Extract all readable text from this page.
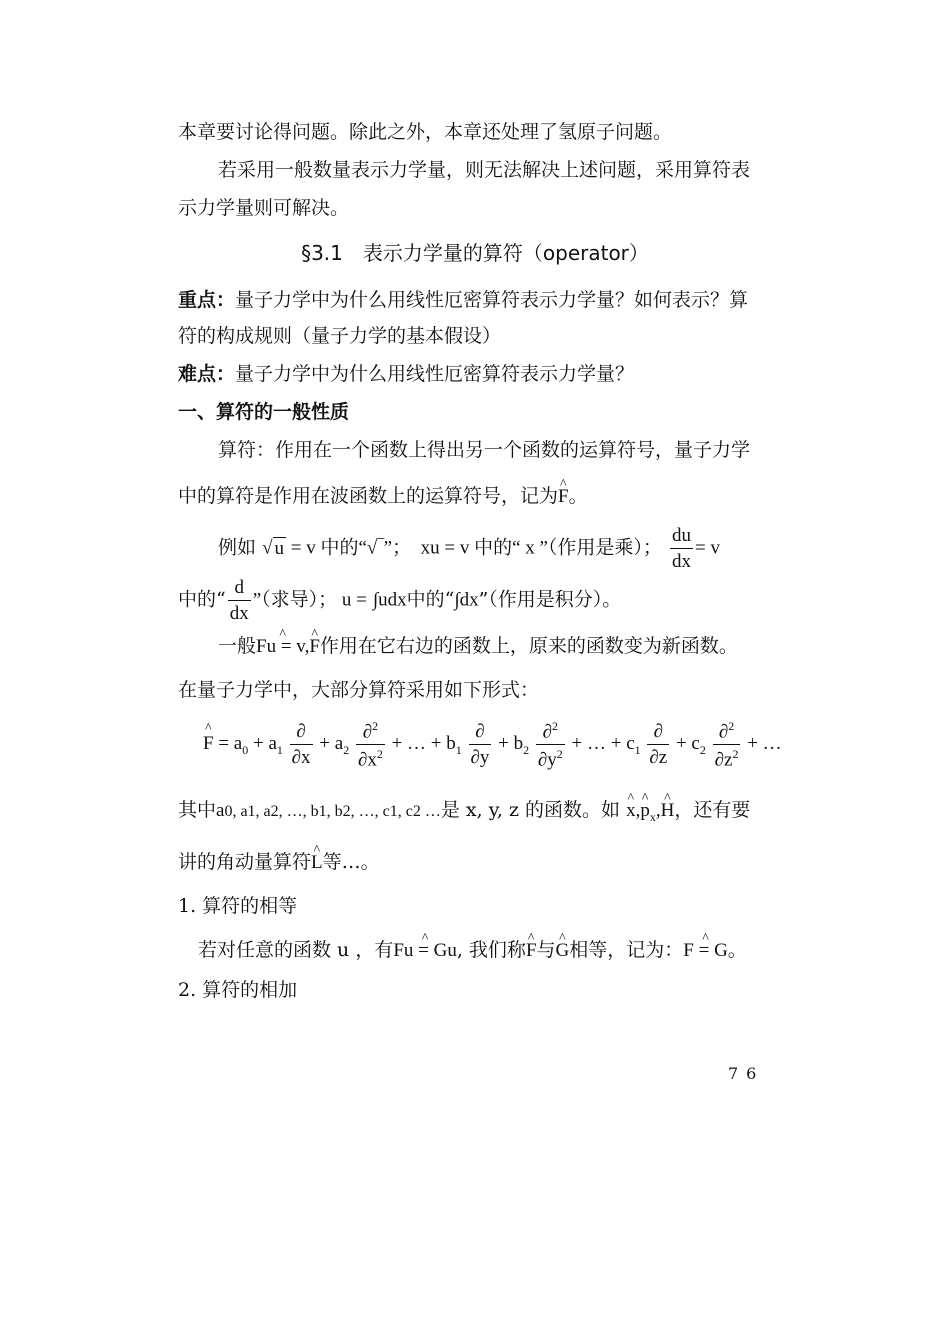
本章要讨论得问题。除此之外，本章还处理了氢原子问题。
若采用一般数量表示力学量，则无法解决上述问题，采用算符表
示力学量则可解决。
§3.1　表示力学量的算符（operator）
重点：量子力学中为什么用线性厄密算符表示力学量？如何表示？算
符的构成规则（量子力学的基本假设）
难点：量子力学中为什么用线性厄密算符表示力学量？
一、算符的一般性质
算符：作用在一个函数上得出另一个函数的运算符号，量子力学
中的算符是作用在波函数上的运算符号，记为^ F。
例如 √ u = v 中的“√‾”；　xu = v 中的“ x ”（作用是乘）； $\frac{du}{dx} = v$
中的“ $\frac{d}{dx}$ ”（求导）； u = ∫udx中的“∫dx”（作用是积分）。
一般^ Fu = v,^ F作用在它右边的函数上，原来的函数变为新函数。
在量子力学中，大部分算符采用如下形式：
^ $F = a_0 + a_1 \frac{\partial}{\partial x} + a_2 \frac{\partial^2}{\partial x^2}$ + … + $b_1 \frac{\partial}{\partial y} + b_2 \frac{\partial^2}{\partial y^2}$ + … + $c_1 \frac{\partial}{\partial z} + c_2 \frac{\partial^2}{\partial z^2}$ + …
其中a0, a1, a2, …, b1, b2, …, c1, c2 …是 x, y, z 的函数。如 ^ x,^ $p_x,\^{}$ H，还有要
讲的角动量算符^ L等…。
1. 算符的相等
若对任意的函数 u ，有^ Fu = Gu, 我们称^ F与^ G相等，记为：^ F = G。
2. 算符的相加
76
